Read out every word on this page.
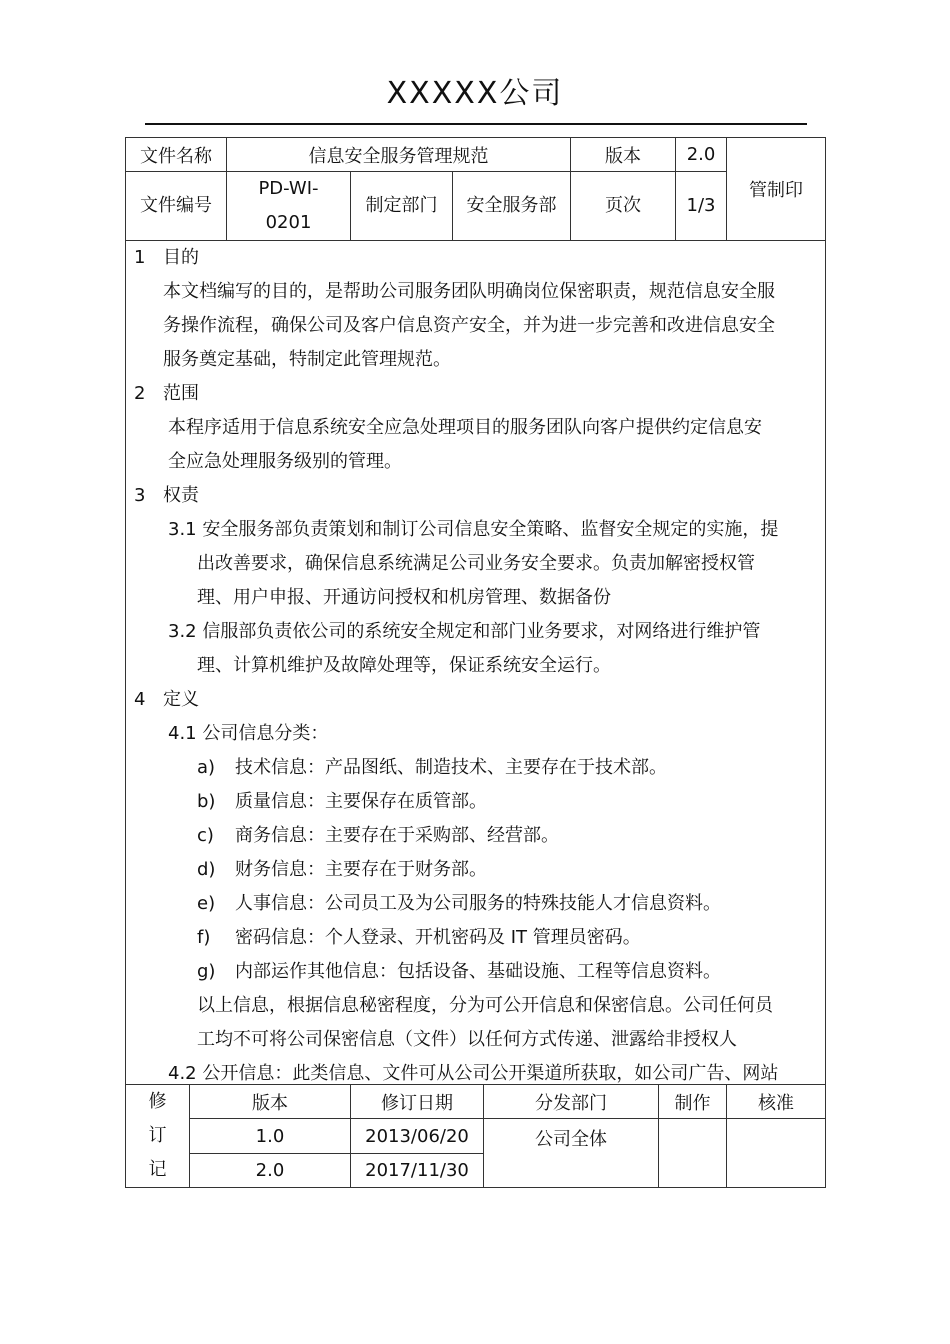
XXXXX公司
文件名称	信息安全服务管理规范			版本	2.0	管制印
文件编号	PD-WI-
0201	制定部门	安全服务部	页次	1/3	
1 目的
本文档编写的目的，是帮助公司服务团队明确岗位保密职责，规范信息安全服
务操作流程，确保公司及客户信息资产安全，并为进一步完善和改进信息安全
服务奠定基础，特制定此管理规范。
2 范围
本程序适用于信息系统安全应急处理项目的服务团队向客户提供约定信息安
全应急处理服务级别的管理。
3 权责
3.1 安全服务部负责策划和制订公司信息安全策略、监督安全规定的实施，提
出改善要求，确保信息系统满足公司业务安全要求。负责加解密授权管
理、用户申报、开通访问授权和机房管理、数据备份
3.2 信服部负责依公司的系统安全规定和部门业务要求，对网络进行维护管
理、计算机维护及故障处理等，保证系统安全运行。
4 定义
4.1 公司信息分类：
a) 技术信息：产品图纸、制造技术、主要存在于技术部。
b) 质量信息：主要保存在质管部。
c) 商务信息：主要存在于采购部、经营部。
d) 财务信息：主要存在于财务部。
e) 人事信息：公司员工及为公司服务的特殊技能人才信息资料。
f) 密码信息：个人登录、开机密码及 IT 管理员密码。
g) 内部运作其他信息：包括设备、基础设施、工程等信息资料。
以上信息，根据信息秘密程度，分为可公开信息和保密信息。公司任何员
工均不可将公司保密信息（文件）以任何方式传递、泄露给非授权人
4.2 公开信息：此类信息、文件可从公司公开渠道所获取，如公司广告、网站
修
订
记	版本	修订日期	分发部门	制作	核准
	1.0	2013/06/20	公司全体		
	2.0	2017/11/30			
